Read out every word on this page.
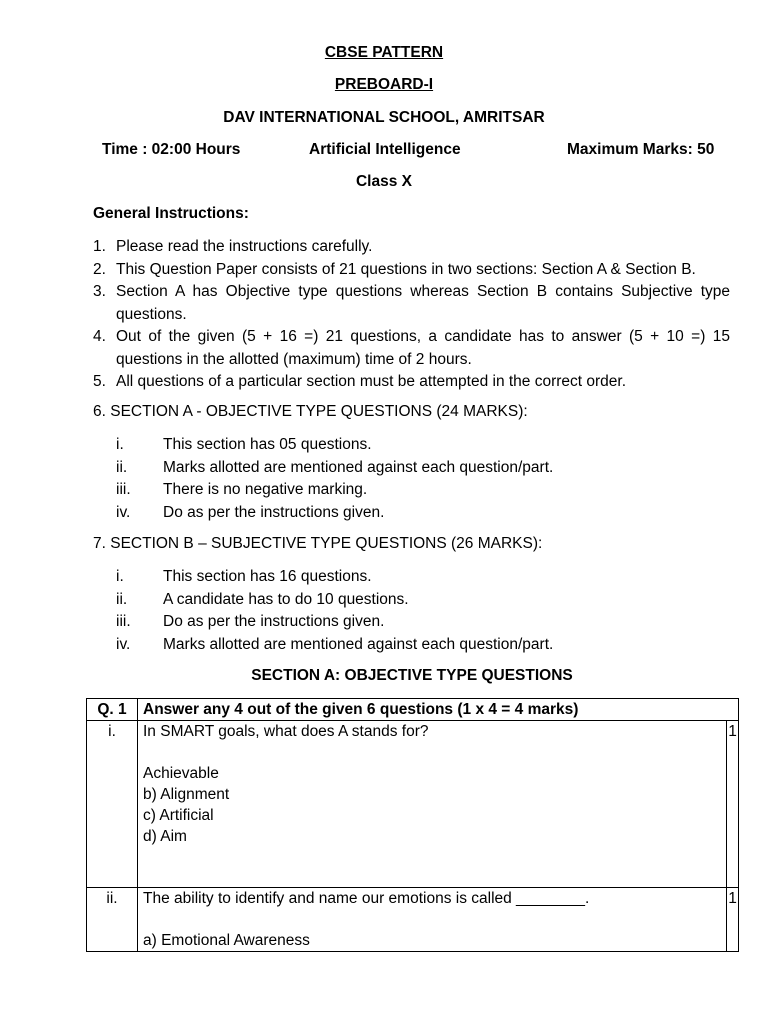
CBSE PATTERN
PREBOARD-I
DAV INTERNATIONAL SCHOOL, AMRITSAR
Time : 02:00 Hours	Artificial Intelligence	Maximum Marks: 50
Class X
General Instructions:
1. Please read the instructions carefully.
2. This Question Paper consists of 21 questions in two sections: Section A & Section B.
3. Section A has Objective type questions whereas Section B contains Subjective type questions.
4. Out of the given (5 + 16 =) 21 questions, a candidate has to answer (5 + 10 =) 15 questions in the allotted (maximum) time of 2 hours.
5. All questions of a particular section must be attempted in the correct order.
6. SECTION A - OBJECTIVE TYPE QUESTIONS (24 MARKS):
i.	This section has 05 questions.
ii. Marks allotted are mentioned against each question/part.
iii. There is no negative marking.
iv. Do as per the instructions given.
7. SECTION B – SUBJECTIVE TYPE QUESTIONS (26 MARKS):
i.	This section has 16 questions.
ii. A candidate has to do 10 questions.
iii. Do as per the instructions given.
iv. Marks allotted are mentioned against each question/part.
SECTION A: OBJECTIVE TYPE QUESTIONS
Q. 1	Answer any 4 out of the given 6 questions (1 x 4 = 4 marks)	
i.	In SMART goals, what does A stands for?
Achievable
b) Alignment
c) Artificial
d) Aim	1
ii.	The ability to identify and name our emotions is called ________.
a) Emotional Awareness	1
